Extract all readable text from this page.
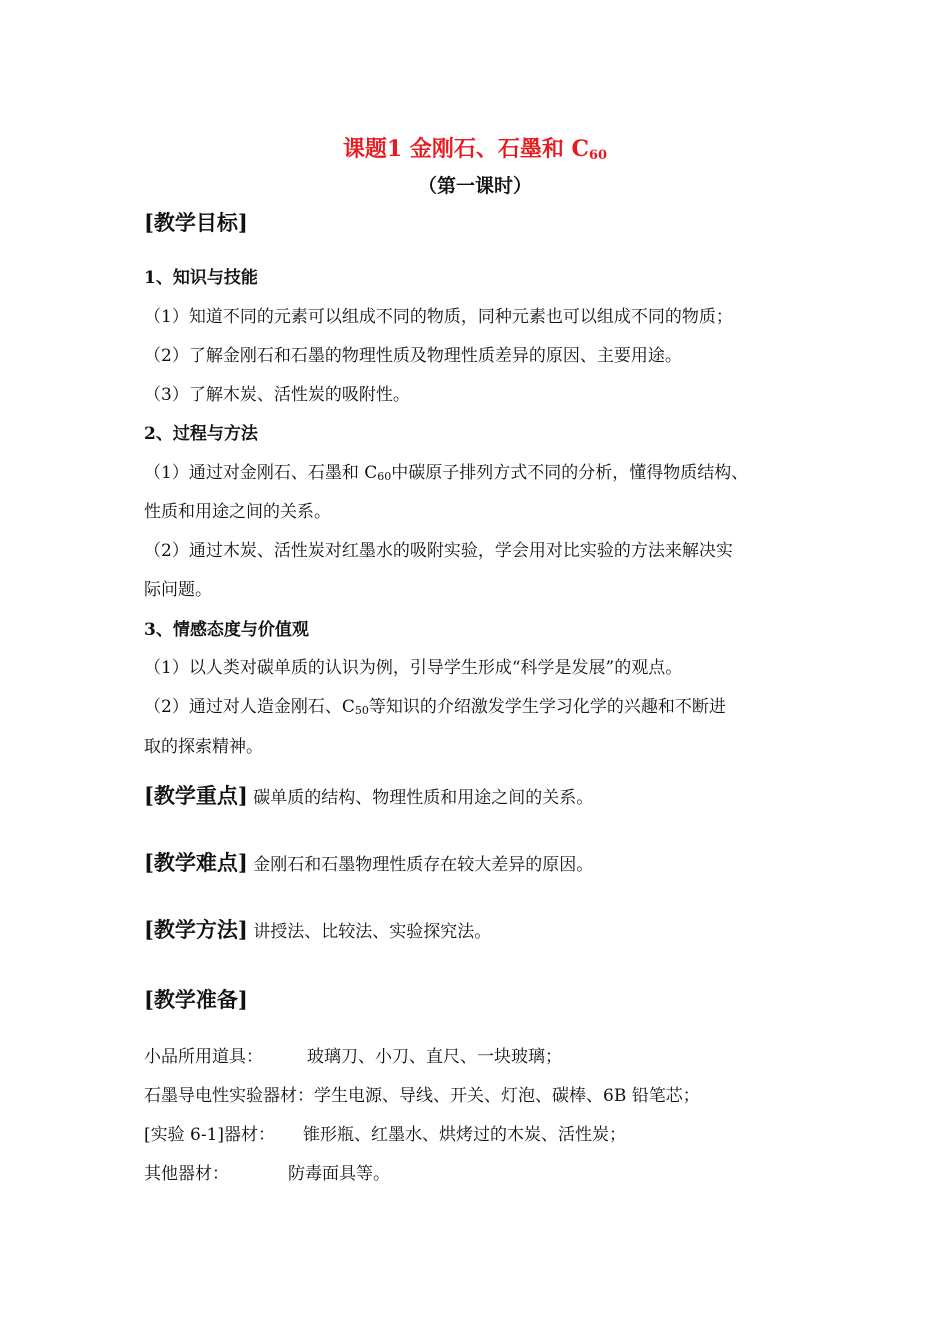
课题1 金刚石、石墨和 $C_{60}$
（第一课时）
[教学目标]
1、知识与技能
（1）知道不同的元素可以组成不同的物质，同种元素也可以组成不同的物质；
（2）了解金刚石和石墨的物理性质及物理性质差异的原因、主要用途。
（3）了解木炭、活性炭的吸附性。
2、过程与方法
（1）通过对金刚石、石墨和 $C_{60}$中碳原子排列方式不同的分析，懂得物质结构、
性质和用途之间的关系。
（2）通过木炭、活性炭对红墨水的吸附实验，学会用对比实验的方法来解决实
际问题。
3、情感态度与价值观
（1）以人类对碳单质的认识为例，引导学生形成“科学是发展”的观点。
（2）通过对人造金刚石、$C_{50}$等知识的介绍激发学生学习化学的兴趣和不断进
取的探索精神。
[教学重点] 碳单质的结构、物理性质和用途之间的关系。
[教学难点] 金刚石和石墨物理性质存在较大差异的原因。
[教学方法] 讲授法、比较法、实验探究法。
[教学准备]
小品所用道具：	玻璃刀、小刀、直尺、一块玻璃；
石墨导电性实验器材：学生电源、导线、开关、灯泡、碳棒、6B 铅笔芯；
[实验 6-1]器材： 锥形瓶、红墨水、烘烤过的木炭、活性炭；
其他器材：	防毒面具等。
